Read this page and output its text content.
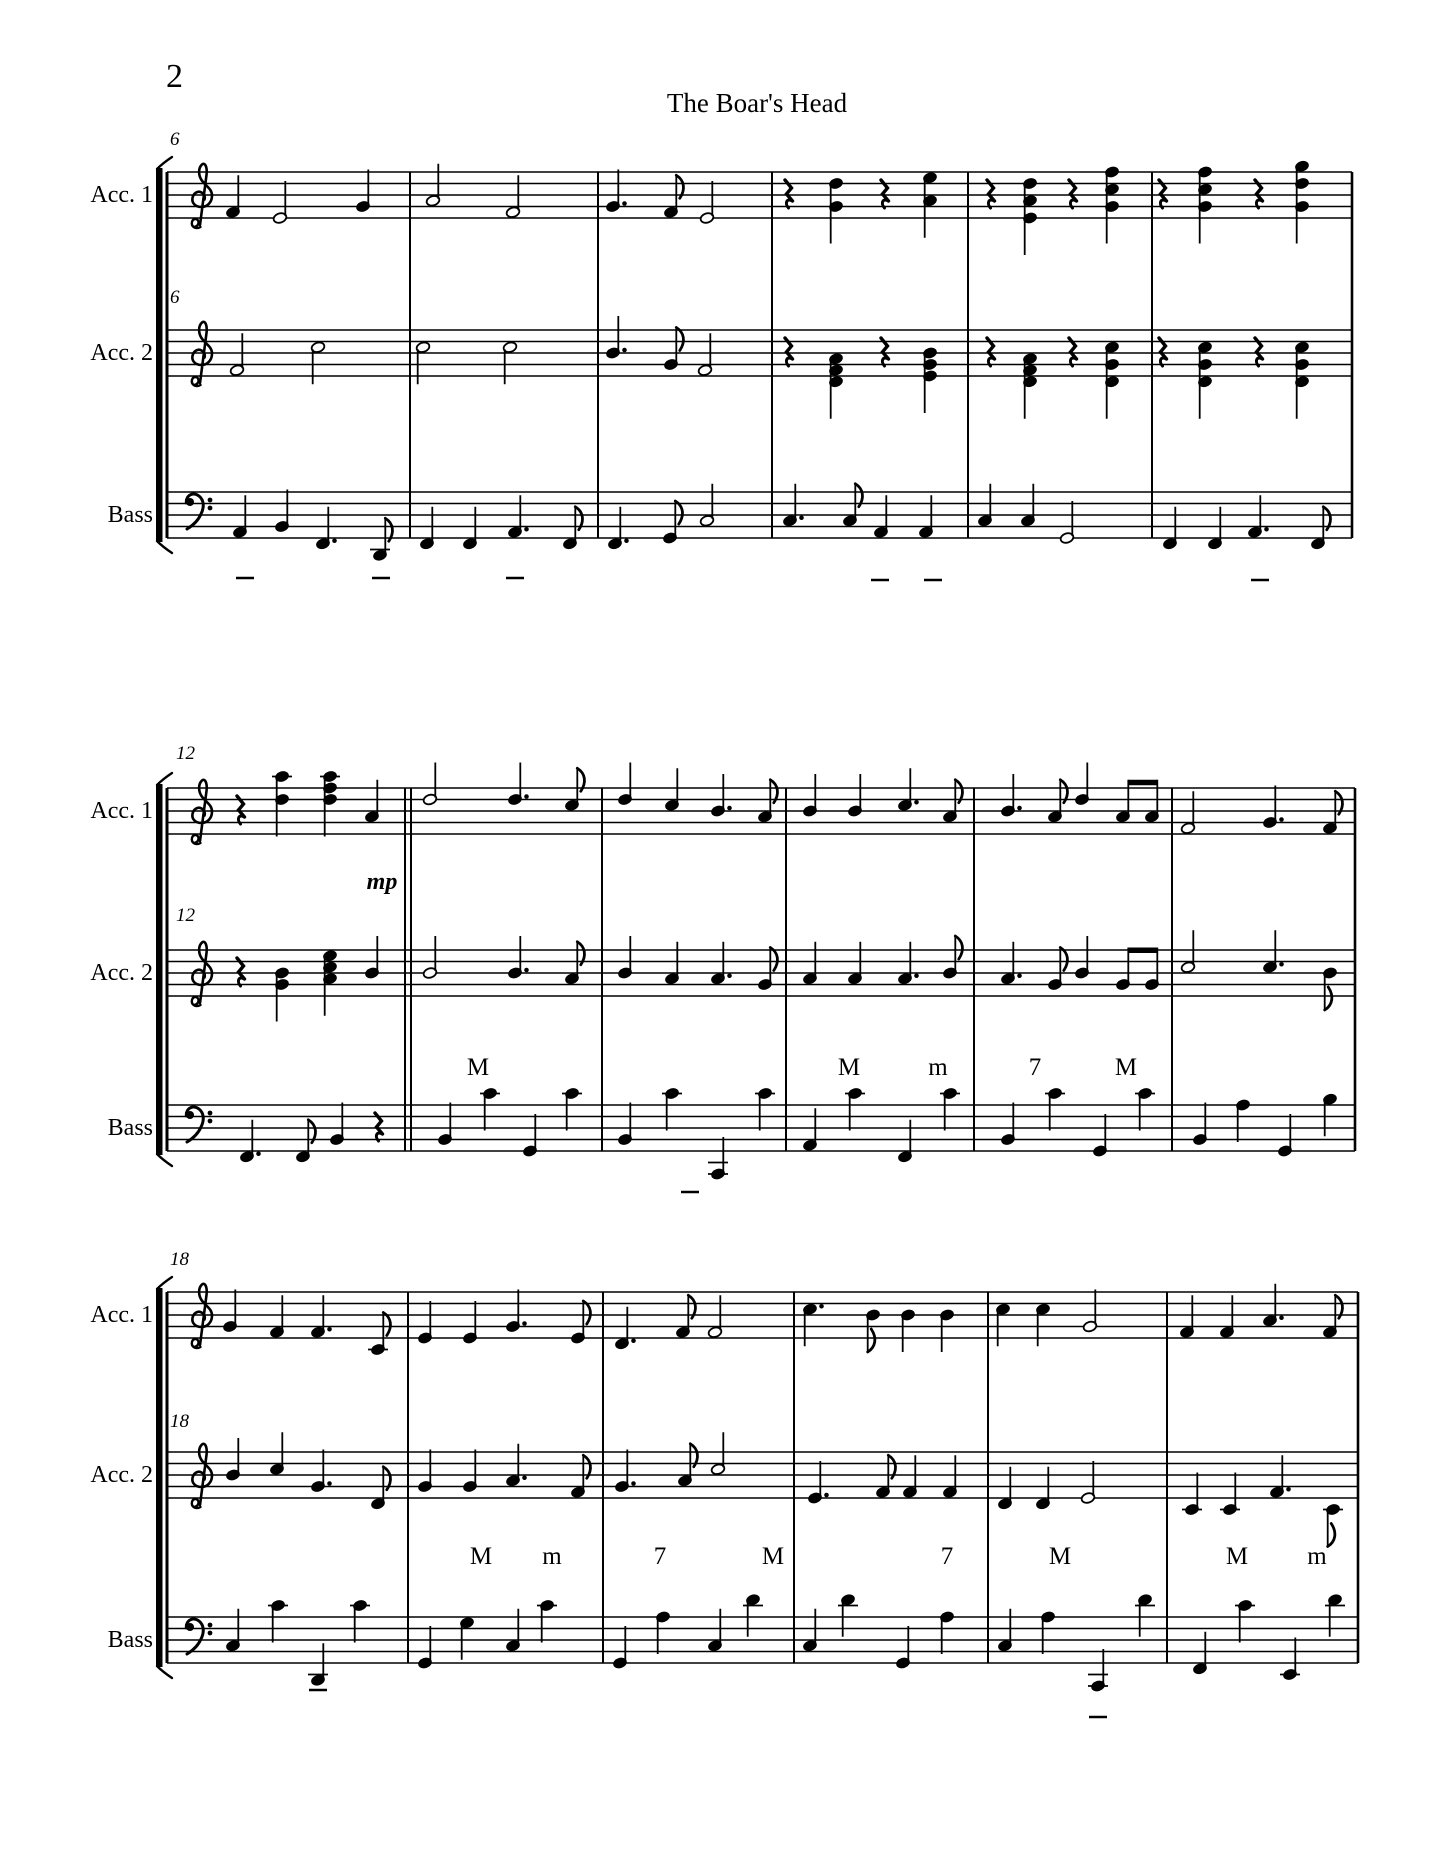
2
The Boar's Head
Acc. 1
Acc. 2
Bass
6
6
Acc. 1
Acc. 2
Bass
12
12
M	M	m	7	M
mp
Acc. 1
Acc. 2
Bass
18
18
M	m	7	M	7	M	M	m
